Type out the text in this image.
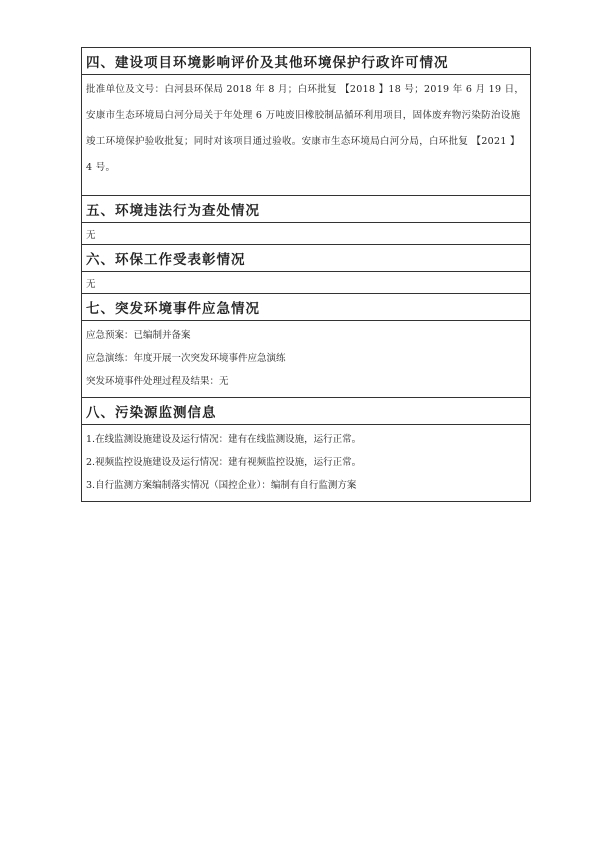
四、建设项目环境影响评价及其他环境保护行政许可情况
批准单位及文号：白河县环保局 2018 年 8 月；白环批复 【2018 】18 号；2019 年 6 月 19 日，安康市生态环境局白河分局关于年处理 6 万吨废旧橡胶制品循环利用项目，固体废弃物污染防治设施竣工环境保护验收批复；同时对该项目通过验收。安康市生态环境局白河分局，白环批复 【2021 】4 号。
五、环境违法行为查处情况
无
六、环保工作受表彰情况
无
七、突发环境事件应急情况

应急预案：已编制并备案
应急演练：年度开展一次突发环境事件应急演练
突发环境事件处理过程及结果：无

八、污染源监测信息

1.在线监测设施建设及运行情况：建有在线监测设施，运行正常。
2.视频监控设施建设及运行情况：建有视频监控设施，运行正常。
3.自行监测方案编制落实情况（国控企业）：编制有自行监测方案
